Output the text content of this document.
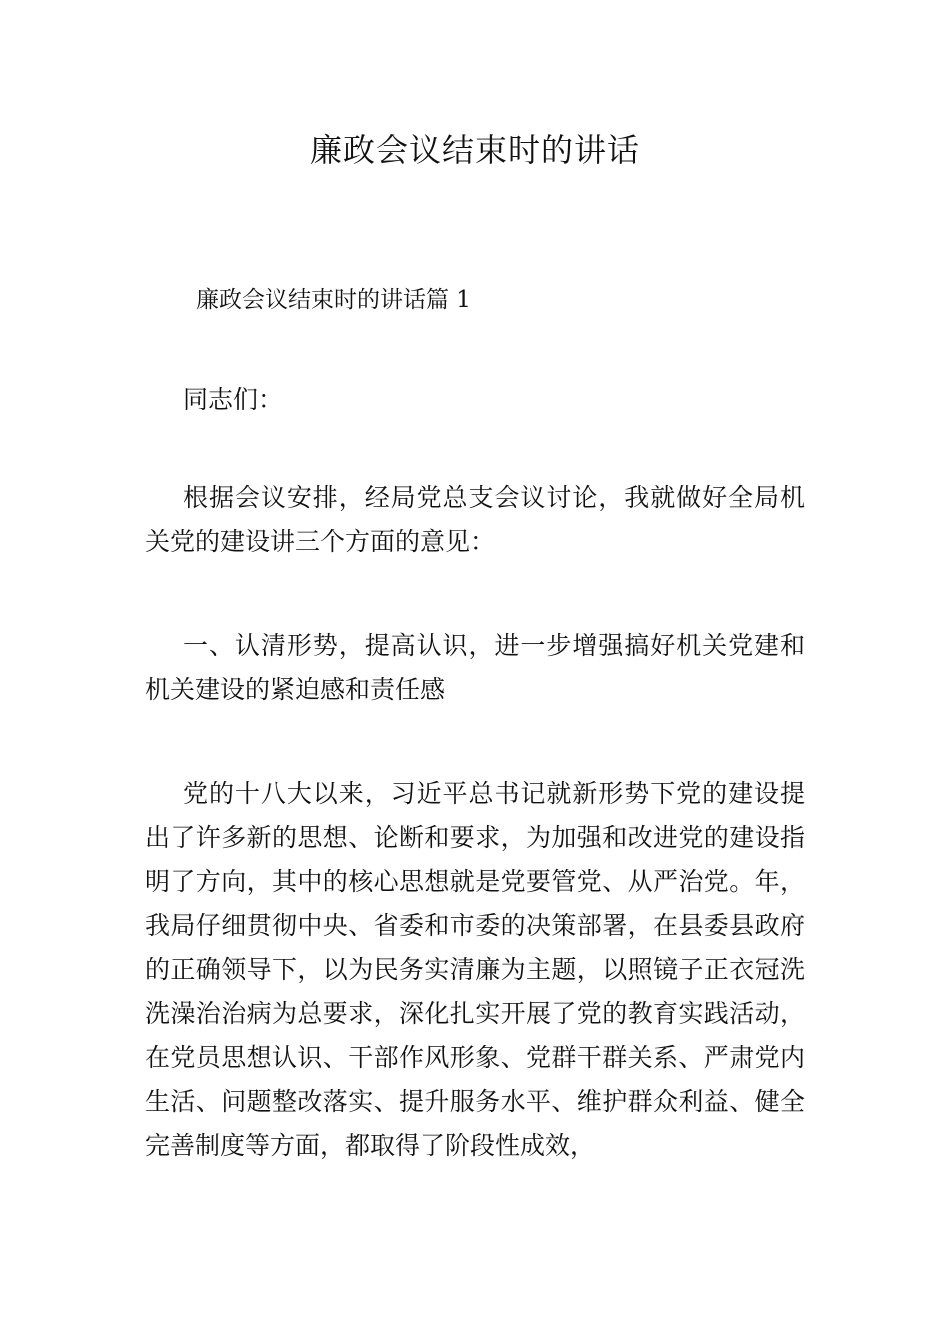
廉政会议结束时的讲话

廉政会议结束时的讲话篇 1

同志们：

根据会议安排，经局党总支会议讨论，我就做好全局机关党的建设讲三个方面的意见：

一、认清形势，提高认识，进一步增强搞好机关党建和机关建设的紧迫感和责任感

党的十八大以来，习近平总书记就新形势下党的建设提出了许多新的思想、论断和要求，为加强和改进党的建设指明了方向，其中的核心思想就是党要管党、从严治党。年，我局仔细贯彻中央、省委和市委的决策部署，在县委县政府的正确领导下，以为民务实清廉为主题，以照镜子正衣冠洗洗澡治治病为总要求，深化扎实开展了党的教育实践活动，在党员思想认识、干部作风形象、党群干群关系、严肃党内生活、问题整改落实、提升服务水平、维护群众利益、健全完善制度等方面，都取得了阶段性成效，
